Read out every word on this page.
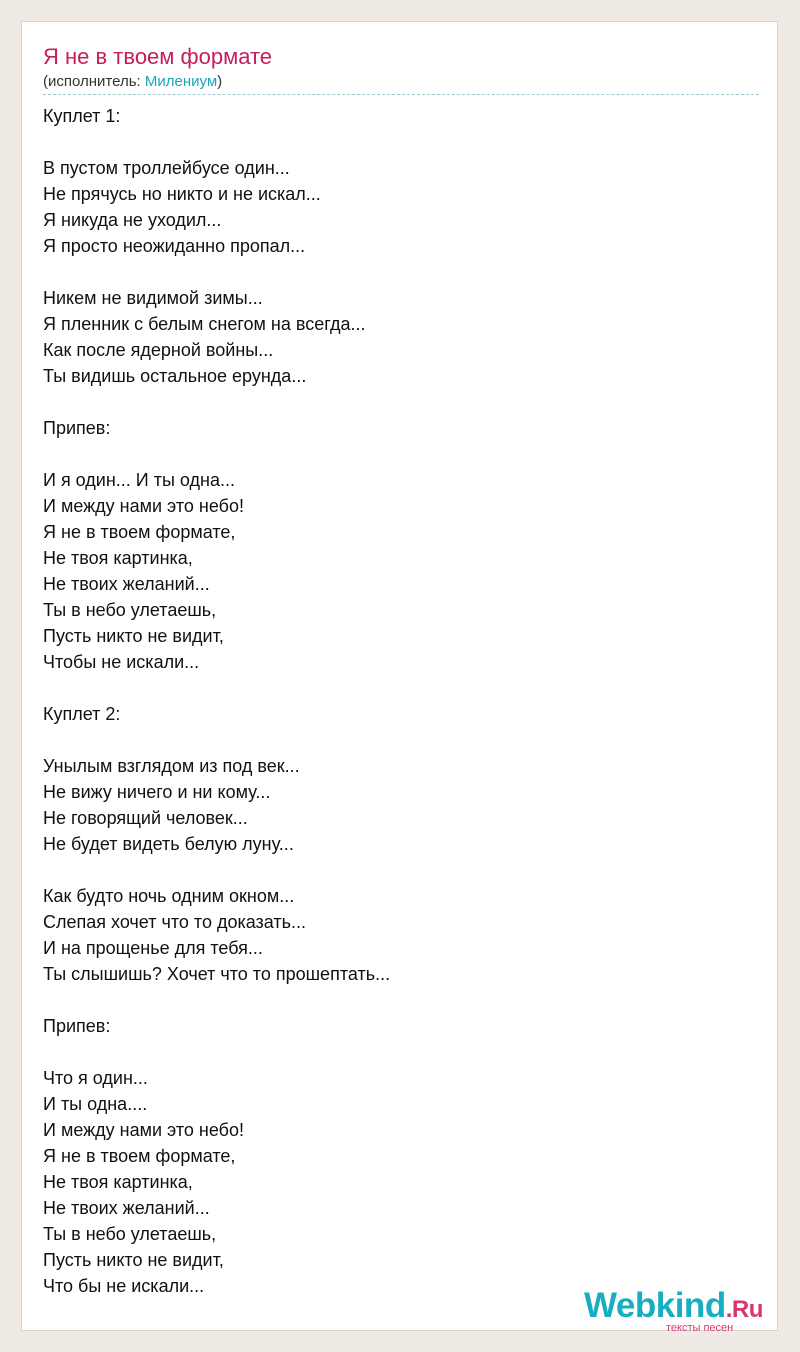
Я не в твоем формате
(исполнитель: Милениум)
Куплет 1:
В пустом троллейбусе один...
Не прячусь но никто и не искал...
Я никуда не уходил...
Я просто неожиданно пропал...
Никем не видимой зимы...
Я пленник с белым снегом на всегда...
Как после ядерной войны...
Ты видишь остальное ерунда...
Припев:
И я один... И ты одна...
И между нами это небо!
Я не в твоем формате,
Не твоя картинка,
Не твоих желаний...
Ты в небо улетаешь,
Пусть никто не видит,
Чтобы не искали...
Куплет 2:
Унылым взглядом из под век...
Не вижу ничего и ни кому...
Не говорящий человек...
Не будет видеть белую луну...
Как будто ночь одним окном...
Слепая хочет что то доказать...
И на прощенье для тебя...
Ты слышишь? Хочет что то прошептать...
Припев:
Что я один...
И ты одна....
И между нами это небо!
Я не в твоем формате,
Не твоя картинка,
Не твоих желаний...
Ты в небо улетаешь,
Пусть никто не видит,
Что бы не искали...	Webkind.Ru
тексты песен
